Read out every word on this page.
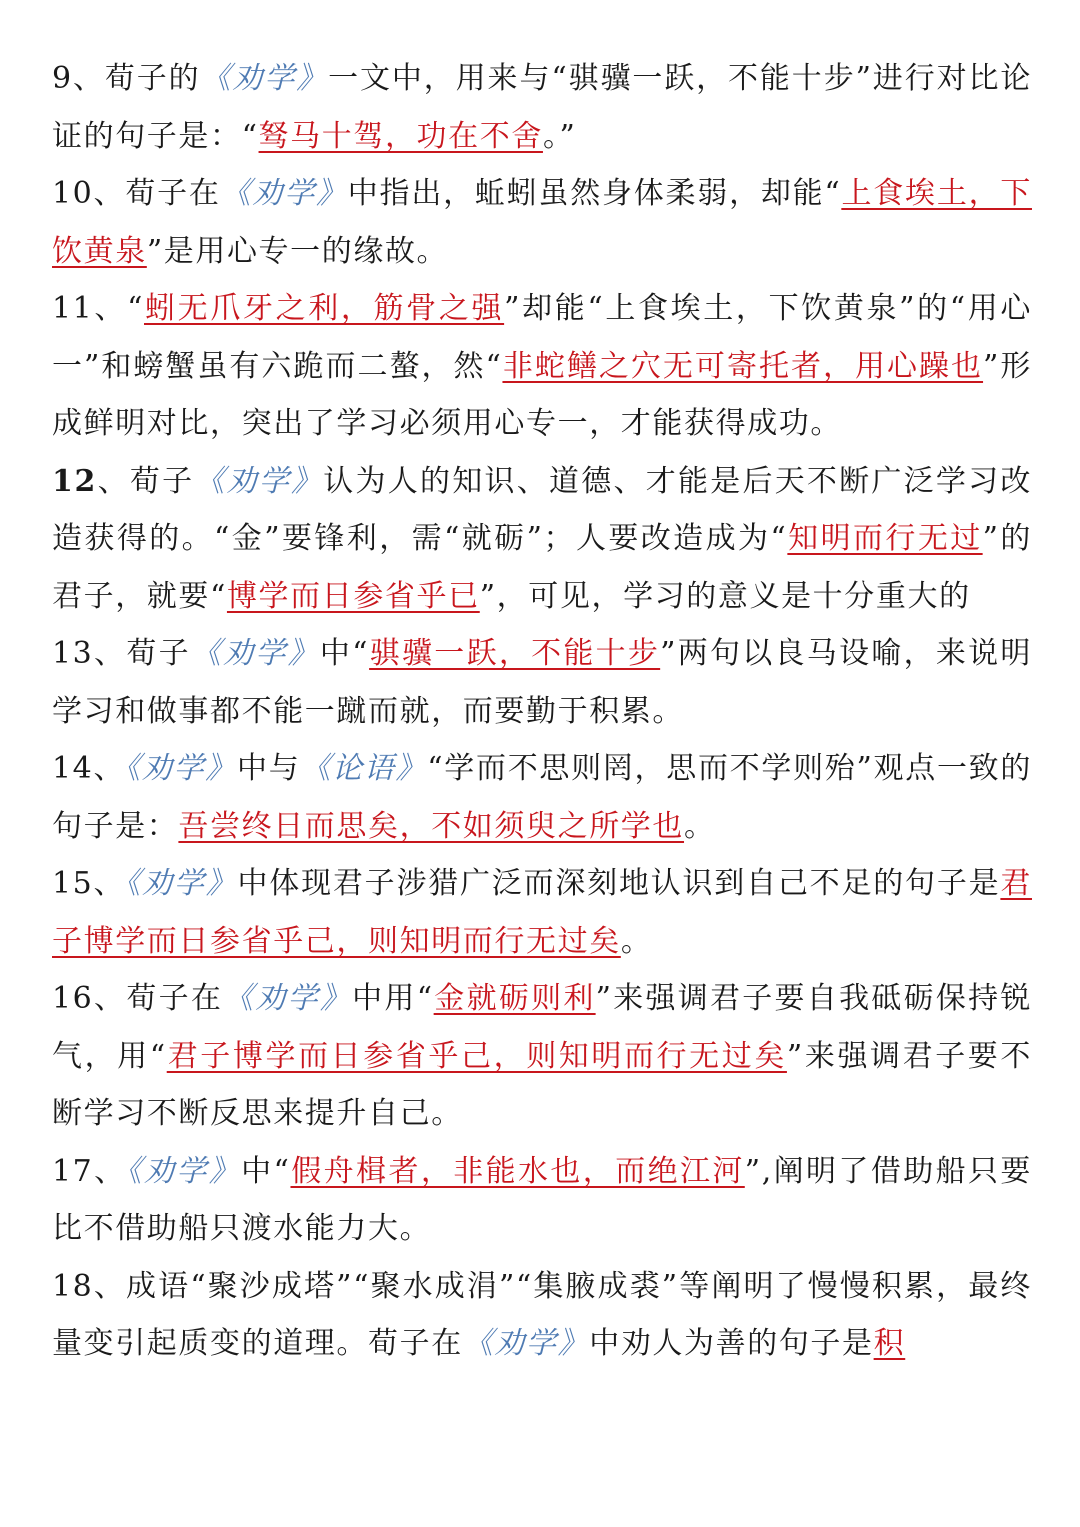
9、荀子的《劝学》一文中，用来与“骐骥一跃，不能十步”进行对比论证的句子是：“驽马十驾，功在不舍。”

10、荀子在《劝学》中指出，蚯蚓虽然身体柔弱，却能“上食埃土，下饮黄泉”是用心专一的缘故。

11、“蚓无爪牙之利，筋骨之强”却能“上食埃土，下饮黄泉”的“用心一”和螃蟹虽有六跪而二螯，然“非蛇鳝之穴无可寄托者，用心躁也”形成鲜明对比，突出了学习必须用心专一，才能获得成功。

12、荀子《劝学》认为人的知识、道德、才能是后天不断广泛学习改造获得的。“金”要锋利，需“就砺”；人要改造成为“知明而行无过”的君子，就要“博学而日参省乎已”，可见，学习的意义是十分重大的

13、荀子《劝学》中“骐骥一跃，不能十步”两句以良马设喻，来说明学习和做事都不能一蹴而就，而要勤于积累。

14、《劝学》中与《论语》“学而不思则罔，思而不学则殆”观点一致的句子是：吾尝终日而思矣，不如须臾之所学也。

15、《劝学》中体现君子涉猎广泛而深刻地认识到自己不足的句子是君子博学而日参省乎己，则知明而行无过矣。

16、荀子在《劝学》中用“金就砺则利”来强调君子要自我砥砺保持锐气，用“君子博学而日参省乎己，则知明而行无过矣”来强调君子要不断学习不断反思来提升自己。

17、《劝学》中“假舟楫者，非能水也，而绝江河”,阐明了借助船只要比不借助船只渡水能力大。

18、成语“聚沙成塔”“聚水成涓”“集腋成裘”等阐明了慢慢积累，最终量变引起质变的道理。荀子在《劝学》中劝人为善的句子是积
